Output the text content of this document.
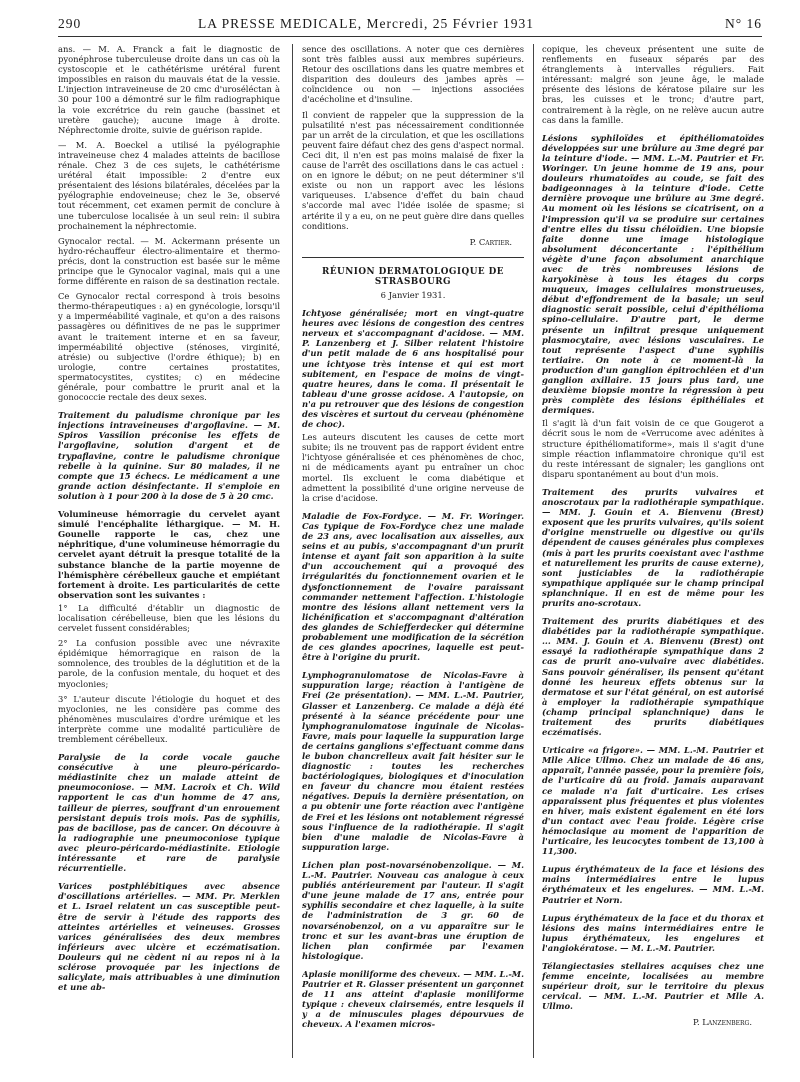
290	LA PRESSE MEDICALE, Mercredi, 25 Février 1931	N° 16

ans. — M. A. Franck a fait le diagnostic de pyonéphrose tuberculeuse droite dans un cas où la cystoscopie et le cathétérisme urétéral furent impossibles en raison du mauvais état de la vessie. L'injection intraveineuse de 20 cmc d'uroséléctan à 30 pour 100 a démontré sur le film radiographique la voie excrétrice du rein gauche (bassinet et uretère gauche); aucune image à droite. Néphrectomie droite, suivie de guérison rapide.

— M. A. Boeckel a utilisé la pyélographie intraveineuse chez 4 malades atteints de bacillose rénale. Chez 3 de ces sujets, le cathétérisme urétéral était impossible: 2 d'entre eux présentaient des lésions bilatérales, décelées par la pyélographie endoveineuse; chez le 3e, observé tout récemment, cet examen permit de conclure à une tuberculose localisée à un seul rein: il subira prochainement la néphrectomie.

Gynocalor rectal. — M. Ackermann présente un hydro-réchauffeur électro-alimentaire et thermo-précis, dont la construction est basée sur le même principe que le Gynocalor vaginal, mais qui a une forme différente en raison de sa destination rectale.

Ce Gynocalor rectal correspond à trois besoins thermo-thérapeutiques : a) en gynécologie, lorsqu'il y a imperméabilité vaginale, et qu'on a des raisons passagères ou définitives de ne pas le supprimer avant le traitement interne et en sa faveur, imperméabilité objective (sténoses, virginité, atrésie) ou subjective (l'ordre éthique); b) en urologie, contre certaines prostatites, spermatocystites, cystites; c) en médecine générale, pour combattre le prurit anal et la gonococcie rectale des deux sexes.

Traitement du paludisme chronique par les injections intraveineuses d'argoflavine. — M. Spiros Vassilion préconise les effets de l'argoflavine, solution d'argent et de trypaflavine, contre le paludisme chronique rebelle à la quinine. Sur 80 malades, il ne compte que 15 échecs. Le médicament a une grande action désinfectante. Il s'emploie en solution à 1 pour 200 à la dose de 5 à 20 cmc.

Volumineuse hémorragie du cervelet ayant simulé l'encéphalite léthargique. — M. H. Gounelle rapporte le cas, chez une néphritique, d'une volumineuse hémorragie du cervelet ayant détruit la presque totalité de la substance blanche de la partie moyenne de l'hémisphère cérébelleux gauche et empiétant fortement à droite. Les particularités de cette observation sont les suivantes :

1° La difficulté d'établir un diagnostic de localisation cérébelleuse, bien que les lésions du cervelet fussent considérables;

2° La confusion possible avec une névraxite épidémique hémorragique en raison de la somnolence, des troubles de la déglutition et de la parole, de la confusion mentale, du hoquet et des myoclonies;

3° L'auteur discute l'étiologie du hoquet et des myoclonies, ne les considère pas comme des phénomènes musculaires d'ordre urémique et les interprète comme une modalité particulière de tremblement cérébelleux.

Paralysie de la corde vocale gauche consécutive à une pleuro-péricardo-médiastinite chez un malade atteint de pneumoconiose. — MM. Lacroix et Ch. Wild rapportent le cas d'un homme de 47 ans, tailleur de pierres, souffrant d'un enrouement persistant depuis trois mois. Pas de syphilis, pas de bacillose, pas de cancer. On découvre à la radiographie une pneumoconiose typique avec pleuro-péricardo-médiastinite. Etiologie intéressante et rare de paralysie récurrentielle.

Varices postphlébitiques avec absence d'oscillations artérielles. — MM. Pr. Merklen et L. Israel relatent un cas susceptible peut-être de servir à l'étude des rapports des atteintes artérielles et veineuses. Grosses varices généralisées des deux membres inférieurs avec ulcère et eczématisation. Douleurs qui ne cèdent ni au repos ni à la sclérose provoquée par les injections de salicylate, mais attribuables à une diminution et une ab-

sence des oscillations. A noter que ces dernières sont très faibles aussi aux membres supérieurs. Retour des oscillations dans les quatre membres et disparition des douleurs des jambes après — coïncidence ou non — injections associées d'acécholine et d'insuline.

Il convient de rappeler que la suppression de la pulsatilité n'est pas nécessairement conditionnée par un arrêt de la circulation, et que les oscillations peuvent faire défaut chez des gens d'aspect normal. Ceci dit, il n'en est pas moins malaisé de fixer la cause de l'arrêt des oscillations dans le cas actuel : on en ignore le début; on ne peut déterminer s'il existe ou non un rapport avec les lésions variqueuses. L'absence d'effet du bain chaud s'accorde mal avec l'idée isolée de spasme; si artérite il y a eu, on ne peut guère dire dans quelles conditions.

P. Cartier.

RÉUNION DERMATOLOGIQUE DE STRASBOURG

6 Janvier 1931.

Ichtyose généralisée; mort en vingt-quatre heures avec lésions de congestion des centres nerveux et s'accompagnant d'acidose. — MM. P. Lanzenberg et J. Silber relatent l'histoire d'un petit malade de 6 ans hospitalisé pour une ichtyose très intense et qui est mort subitement, en l'espace de moins de vingt-quatre heures, dans le coma. Il présentait le tableau d'une grosse acidose. A l'autopsie, on n'a pu retrouver que des lésions de congestion des viscères et surtout du cerveau (phénomène de choc).

Les auteurs discutent les causes de cette mort subite; ils ne trouvent pas de rapport évident entre l'ichtyose généralisée et ces phénomènes de choc, ni de médicaments ayant pu entraîner un choc mortel. Ils excluent le coma diabétique et admettent la possibilité d'une origine nerveuse de la crise d'acidose.

Maladie de Fox-Fordyce. — M. Fr. Woringer. Cas typique de Fox-Fordyce chez une malade de 23 ans, avec localisation aux aisselles, aux seins et au pubis, s'accompagnant d'un prurit intense et ayant fait son apparition à la suite d'un accouchement qui a provoqué des irrégularités du fonctionnement ovarien et le dysfonctionnement de l'ovaire paraissant commander nettement l'affection. L'histologie montre des lésions allant nettement vers la lichénification et s'accompagnant d'altération des glandes de Schiefferdecker qui détermine probablement une modification de la sécrétion de ces glandes apocrines, laquelle est peut-être à l'origine du prurit.

Lymphogranulomatose de Nicolas-Favre à suppuration large; réaction à l'antigène de Frei (2e présentation). — MM. L.-M. Pautrier, Glasser et Lanzenberg. Ce malade a déjà été présenté à la séance précédente pour une lymphogranulomatose inguinale de Nicolas-Favre, mais pour laquelle la suppuration large de certains ganglions s'effectuant comme dans le bubon chancrelleux avait fait hésiter sur le diagnostic : toutes les recherches bactériologiques, biologiques et d'inoculation en faveur du chancre mou étaient restées négatives. Depuis la dernière présentation, on a pu obtenir une forte réaction avec l'antigène de Frei et les lésions ont notablement régressé sous l'influence de la radiothérapie. Il s'agit bien d'une maladie de Nicolas-Favre à suppuration large.

Lichen plan post-novarsénobenzolique. — M. L.-M. Pautrier. Nouveau cas analogue à ceux publiés antérieurement par l'auteur. Il s'agit d'une jeune malade de 17 ans, entrée pour syphilis secondaire et chez laquelle, à la suite de l'administration de 3 gr. 60 de novarsénobenzol, on a vu apparaître sur le tronc et sur les avant-bras une éruption de lichen plan confirmée par l'examen histologique.

Aplasie moniliforme des cheveux. — MM. L.-M. Pautrier et R. Glasser présentent un garçonnet de 11 ans atteint d'aplasie moniliforme typique : cheveux clairsemés, entre lesquels il y a de minuscules plages dépourvues de cheveux. A l'examen micros-

copique, les cheveux présentent une suite de renflements en fuseaux séparés par des étranglements à intervalles réguliers. Fait intéressant: malgré son jeune âge, le malade présente des lésions de kératose pilaire sur les bras, les cuisses et le tronc; d'autre part, contrairement à la règle, on ne relève aucun autre cas dans la famille.

Lésions syphiloïdes et épithéliomatoïdes développées sur une brûlure au 3me degré par la teinture d'iode. — MM. L.-M. Pautrier et Fr. Woringer. Un jeune homme de 19 ans, pour douleurs rhumatoïdes au coude, se fait des badigeonnages à la teinture d'iode. Cette dernière provoque une brûlure au 3me degré. Au moment où les lésions se cicatrisent, on a l'impression qu'il va se produire sur certaines d'entre elles du tissu chéloïdien. Une biopsie faite donne une image histologique absolument déconcertante : l'épithélium végète d'une façon absolument anarchique avec de très nombreuses lésions de karyokinèse à tous les étages du corps muqueux, images cellulaires monstrueuses, début d'effondrement de la basale; un seul diagnostic serait possible, celui d'épithélioma spino-cellulaire. D'autre part, le derme présente un infiltrat presque uniquement plasmocytaire, avec lésions vasculaires. Le tout représente l'aspect d'une syphilis tertiaire. On note à ce moment-là la production d'un ganglion épitrochléen et d'un ganglion axillaire. 15 jours plus tard, une deuxième biopsie montre la régression à peu près complète des lésions épithéliales et dermiques.

Il s'agit là d'un fait voisin de ce que Gougerot a décrit sous le nom de «Verrucome avec adénites à structure épithéliomatiforme», mais il s'agit d'une simple réaction inflammatoire chronique qu'il est du reste intéressant de signaler; les ganglions ont disparu spontanément au bout d'un mois.

Traitement des prurits vulvaires et anoscrotaux par la radiothérapie sympathique. — MM. J. Gouin et A. Bienvenu (Brest) exposent que les prurits vulvaires, qu'ils soient d'origine menstruelle ou digestive ou qu'ils dépendent de causes générales plus complexes (mis à part les prurits coexistant avec l'asthme et naturellement les prurits de cause externe), sont justiciables de la radiothérapie sympathique appliquée sur le champ principal splanchnique. Il en est de même pour les prurits ano-scrotaux.

Traitement des prurits diabétiques et des diabétides par la radiothérapie sympathique. ... MM. J. Gouin et A. Bienvenu (Brest) ont essayé la radiothérapie sympathique dans 2 cas de prurit ano-vulvaire avec diabétides. Sans pouvoir généraliser, ils pensent qu'étant donné les heureux effets obtenus sur la dermatose et sur l'état général, on est autorisé à employer la radiothérapie sympathique (champ principal splanchnique) dans le traitement des prurits diabétiques eczématisés.

Urticaire «a frigore». — MM. L.-M. Pautrier et Mlle Alice Ullmo. Chez un malade de 46 ans, apparaît, l'année passée, pour la première fois, de l'urticaire dû au froid. Jamais auparavant ce malade n'a fait d'urticaire. Les crises apparaissent plus fréquentes et plus violentes en hiver, mais existent également en été lors d'un contact avec l'eau froide. Légère crise hémoclasique au moment de l'apparition de l'urticaire, les leucocytes tombent de 13,100 à 11,300.

Lupus érythémateux de la face et lésions des mains intermédiaires entre le lupus érythémateux et les engelures. — MM. L.-M. Pautrier et Norn.

Lupus érythémateux de la face et du thorax et lésions des mains intermédiaires entre le lupus érythémateux, les engelures et l'angiokératose. — M. L.-M. Pautrier.

Télangiectasies stellaires acquises chez une femme enceinte, localisées au membre supérieur droit, sur le territoire du plexus cervical. — MM. L.-M. Pautrier et Mlle A. Ullmo.

P. Lanzenberg.
